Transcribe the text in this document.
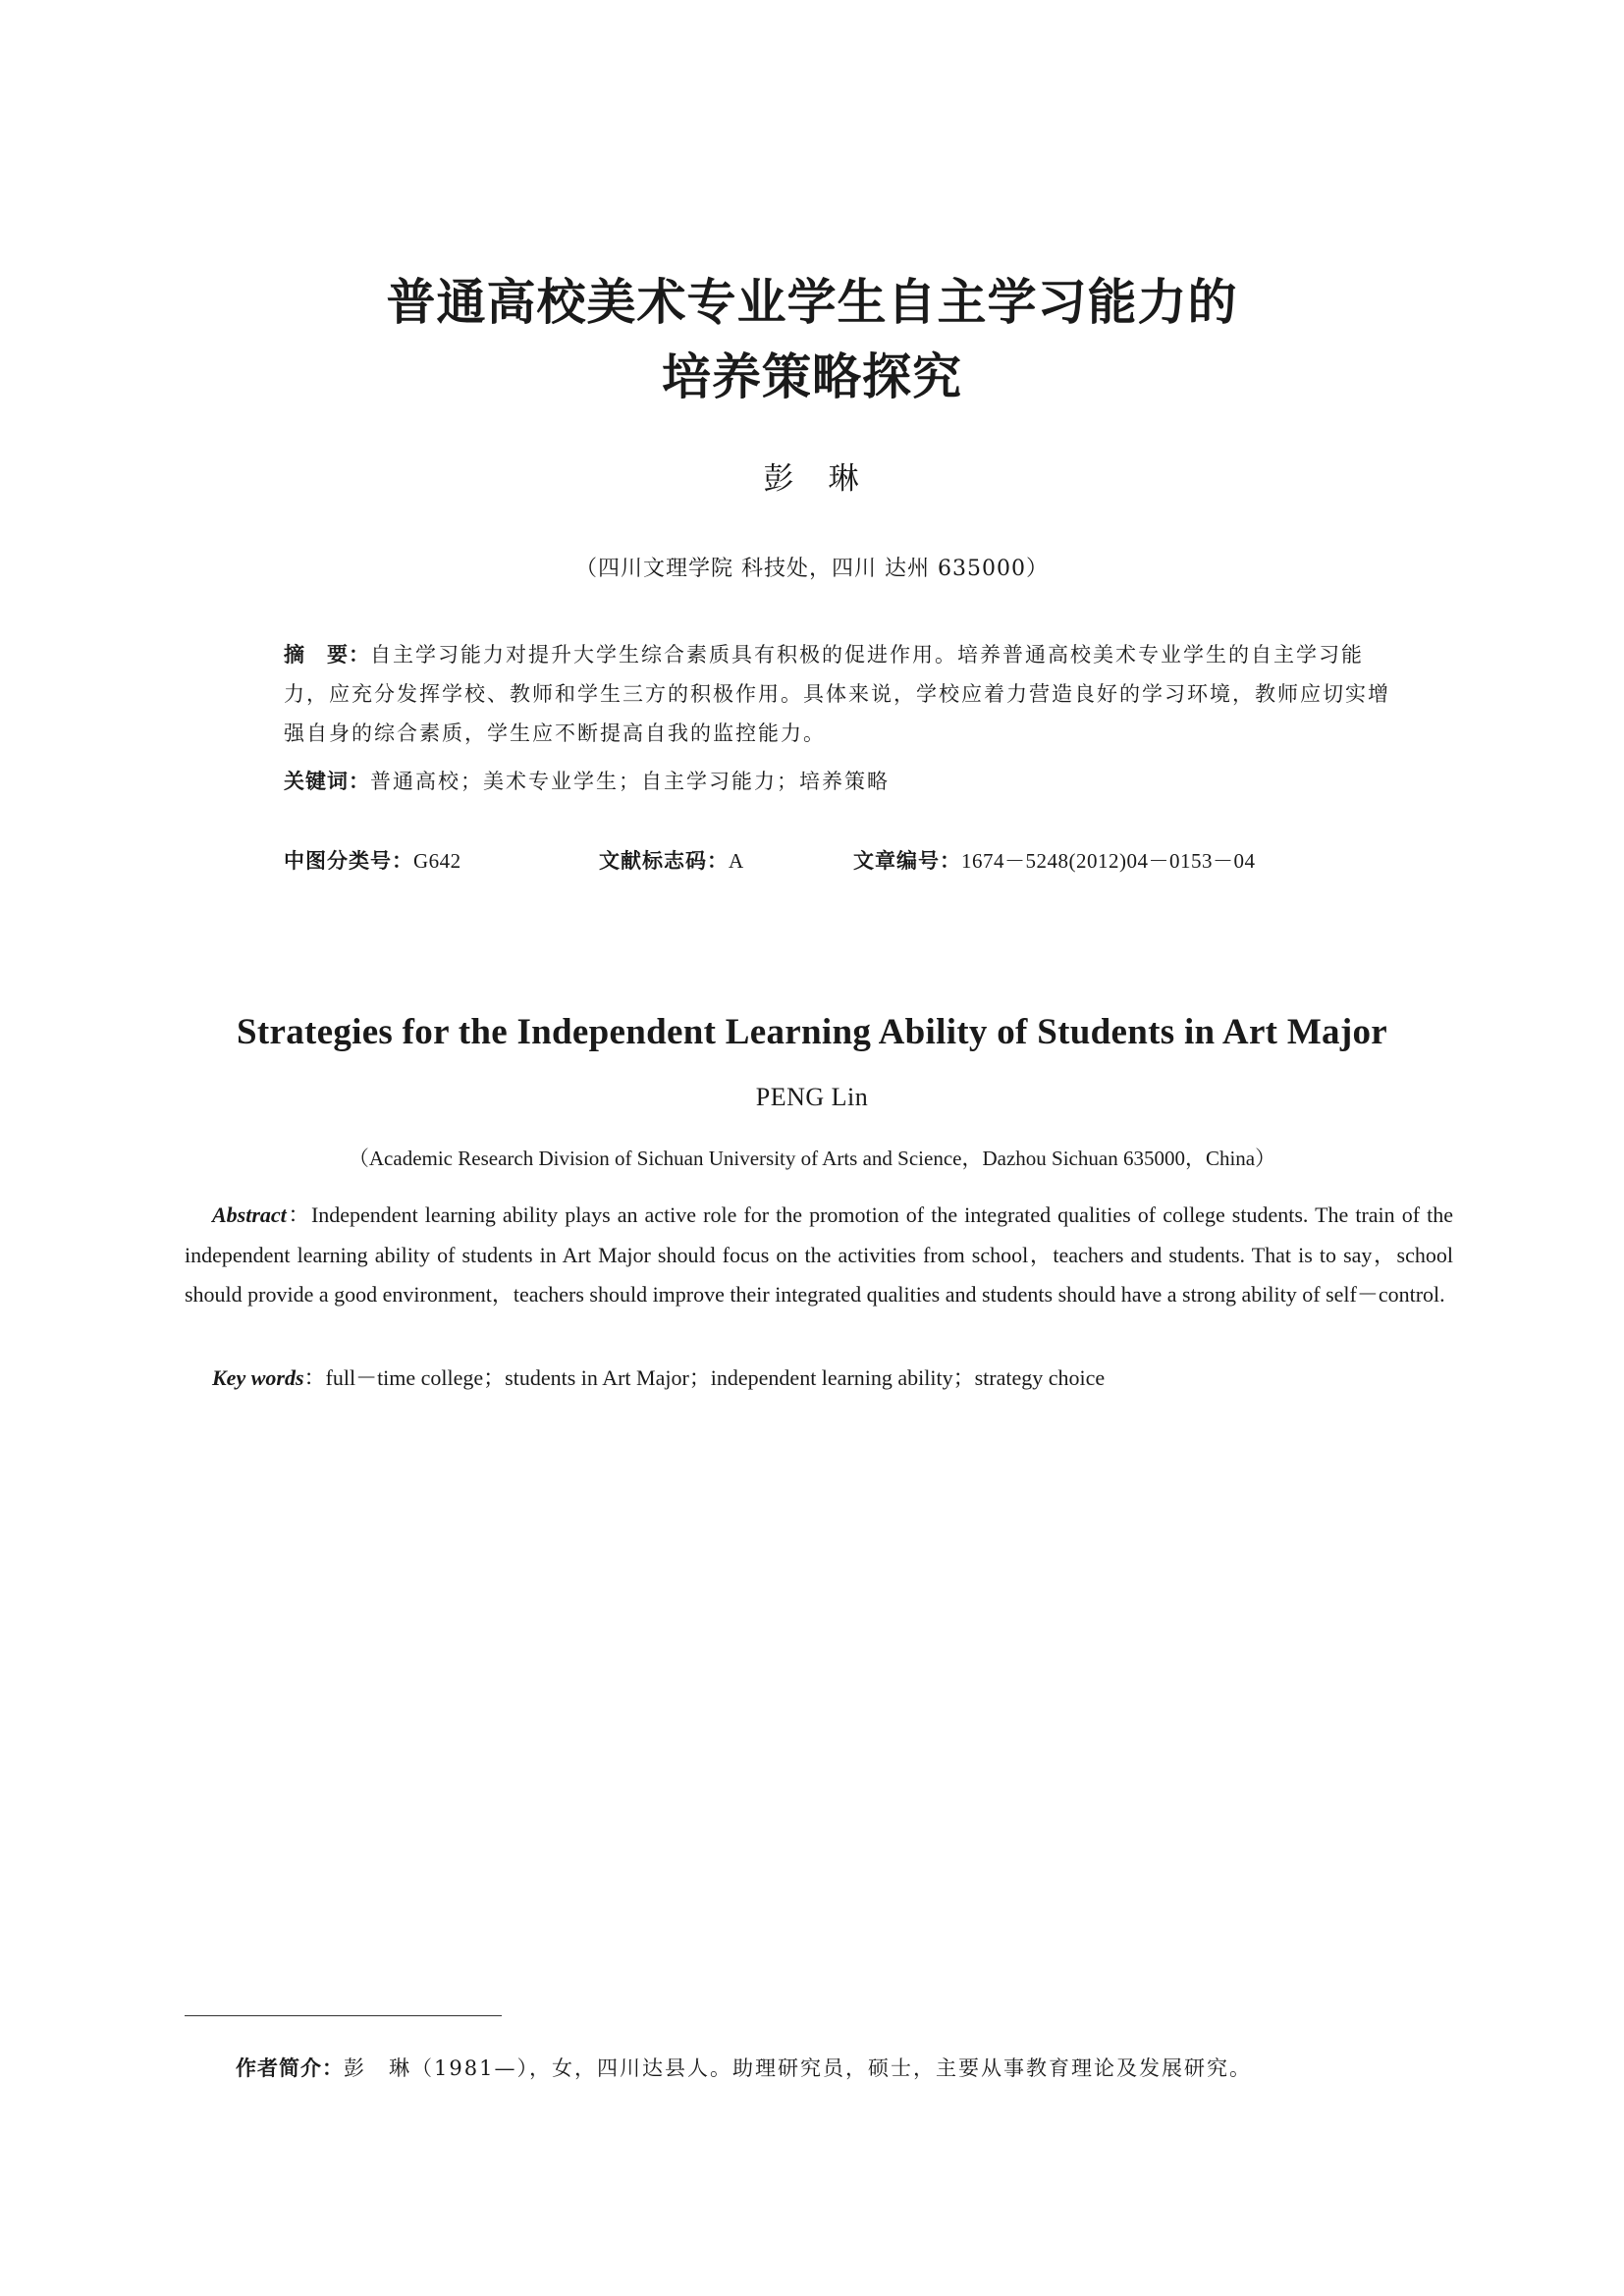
普通高校美术专业学生自主学习能力的
培养策略探究
彭　琳
（四川文理学院 科技处，四川 达州 635000）
摘　要：自主学习能力对提升大学生综合素质具有积极的促进作用。培养普通高校美术专业学生的自主学习能力，应充分发挥学校、教师和学生三方的积极作用。具体来说，学校应着力营造良好的学习环境，教师应切实增强自身的综合素质，学生应不断提高自我的监控能力。
关键词：普通高校；美术专业学生；自主学习能力；培养策略
中图分类号：G642	文献标志码：A	文章编号：1674－5248(2012)04－0153－04
Strategies for the Independent Learning Ability of Students in Art Major
PENG Lin
（Academic Research Division of Sichuan University of Arts and Science，Dazhou Sichuan 635000，China）
Abstract：Independent learning ability plays an active role for the promotion of the integrated qualities of college students. The train of the independent learning ability of students in Art Major should focus on the activities from school，teachers and students. That is to say，school should provide a good environment，teachers should improve their integrated qualities and students should have a strong ability of self－control.
Key words：full－time college；students in Art Major；independent learning ability；strategy choice
作者简介：彭　琳（1981—），女，四川达县人。助理研究员，硕士，主要从事教育理论及发展研究。
